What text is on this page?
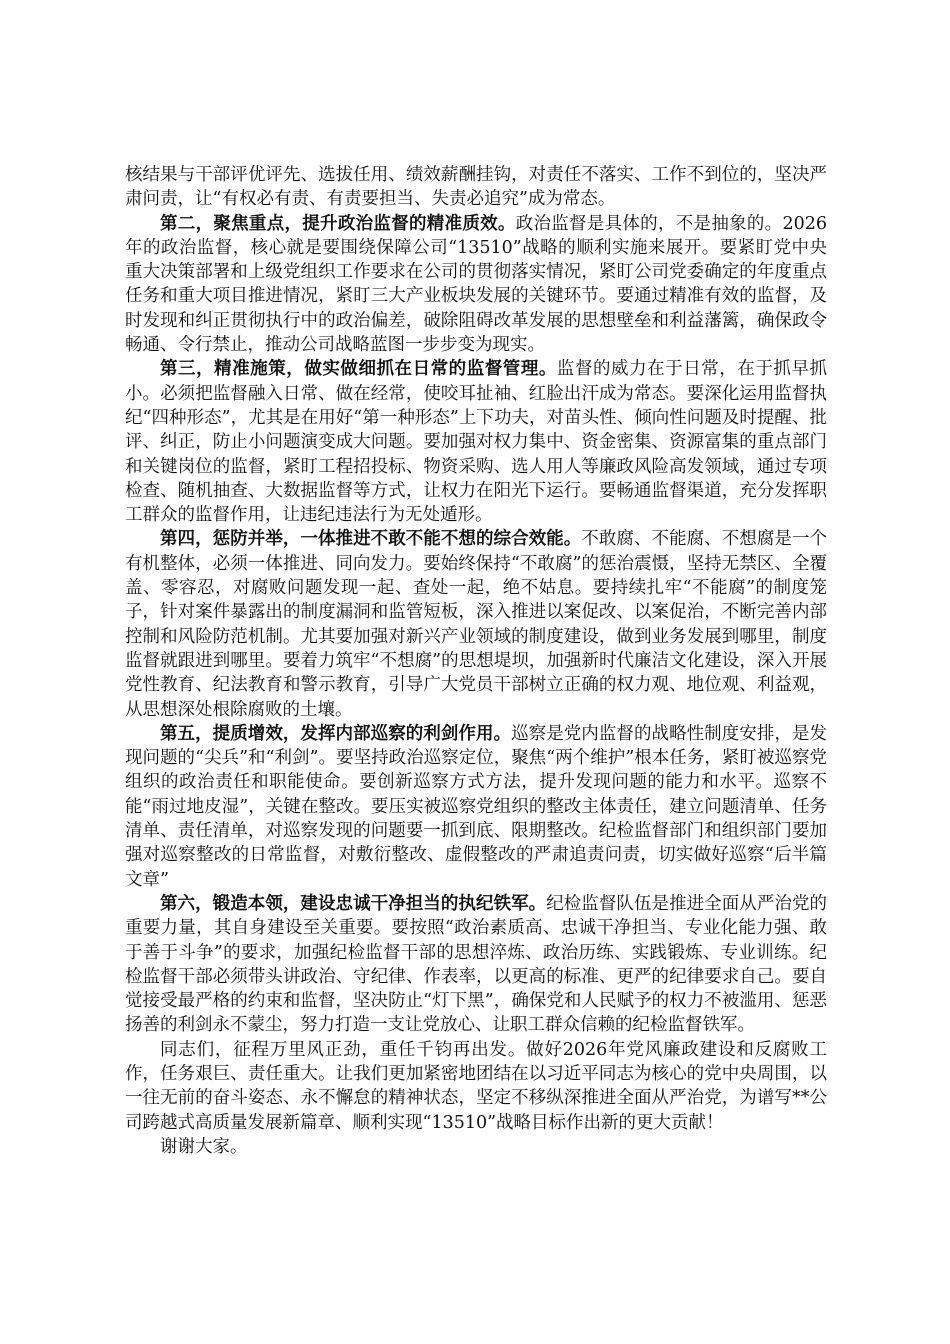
核结果与干部评优评先、选拔任用、绩效薪酬挂钩，对责任不落实、工作不到位的，坚决严肃问责，让“有权必有责、有责要担当、失责必追究”成为常态。

第二，聚焦重点，提升政治监督的精准质效。政治监督是具体的，不是抽象的。2026年的政治监督，核心就是要围绕保障公司“13510”战略的顺利实施来展开。要紧盯党中央重大决策部署和上级党组织工作要求在公司的贯彻落实情况，紧盯公司党委确定的年度重点任务和重大项目推进情况，紧盯三大产业板块发展的关键环节。要通过精准有效的监督，及时发现和纠正贯彻执行中的政治偏差，破除阻碍改革发展的思想壁垒和利益藩篱，确保政令畅通、令行禁止，推动公司战略蓝图一步步变为现实。

第三，精准施策，做实做细抓在日常的监督管理。监督的威力在于日常，在于抓早抓小。必须把监督融入日常、做在经常，使咬耳扯袖、红脸出汗成为常态。要深化运用监督执纪“四种形态”，尤其是在用好“第一种形态”上下功夫，对苗头性、倾向性问题及时提醒、批评、纠正，防止小问题演变成大问题。要加强对权力集中、资金密集、资源富集的重点部门和关键岗位的监督，紧盯工程招投标、物资采购、选人用人等廉政风险高发领域，通过专项检查、随机抽查、大数据监督等方式，让权力在阳光下运行。要畅通监督渠道，充分发挥职工群众的监督作用，让违纪违法行为无处遁形。

第四，惩防并举，一体推进不敢不能不想的综合效能。不敢腐、不能腐、不想腐是一个有机整体，必须一体推进、同向发力。要始终保持“不敢腐”的惩治震慑，坚持无禁区、全覆盖、零容忍，对腐败问题发现一起、查处一起，绝不姑息。要持续扎牢“不能腐”的制度笼子，针对案件暴露出的制度漏洞和监管短板，深入推进以案促改、以案促治，不断完善内部控制和风险防范机制。尤其要加强对新兴产业领域的制度建设，做到业务发展到哪里，制度监督就跟进到哪里。要着力筑牢“不想腐”的思想堤坝，加强新时代廉洁文化建设，深入开展党性教育、纪法教育和警示教育，引导广大党员干部树立正确的权力观、地位观、利益观，从思想深处根除腐败的土壤。

第五，提质增效，发挥内部巡察的利剑作用。巡察是党内监督的战略性制度安排，是发现问题的“尖兵”和“利剑”。要坚持政治巡察定位，聚焦“两个维护”根本任务，紧盯被巡察党组织的政治责任和职能使命。要创新巡察方式方法，提升发现问题的能力和水平。巡察不能“雨过地皮湿”，关键在整改。要压实被巡察党组织的整改主体责任，建立问题清单、任务清单、责任清单，对巡察发现的问题要一抓到底、限期整改。纪检监督部门和组织部门要加强对巡察整改的日常监督，对敷衍整改、虚假整改的严肃追责问责，切实做好巡察“后半篇文章”

第六，锻造本领，建设忠诚干净担当的执纪铁军。纪检监督队伍是推进全面从严治党的重要力量，其自身建设至关重要。要按照“政治素质高、忠诚干净担当、专业化能力强、敢于善于斗争”的要求，加强纪检监督干部的思想淬炼、政治历练、实践锻炼、专业训练。纪检监督干部必须带头讲政治、守纪律、作表率，以更高的标准、更严的纪律要求自己。要自觉接受最严格的约束和监督，坚决防止“灯下黑”，确保党和人民赋予的权力不被滥用、惩恶扬善的利剑永不蒙尘，努力打造一支让党放心、让职工群众信赖的纪检监督铁军。

同志们，征程万里风正劲，重任千钧再出发。做好2026年党风廉政建设和反腐败工作，任务艰巨、责任重大。让我们更加紧密地团结在以习近平同志为核心的党中央周围，以一往无前的奋斗姿态、永不懈怠的精神状态，坚定不移纵深推进全面从严治党，为谱写**公司跨越式高质量发展新篇章、顺利实现“13510”战略目标作出新的更大贡献！

谢谢大家。
